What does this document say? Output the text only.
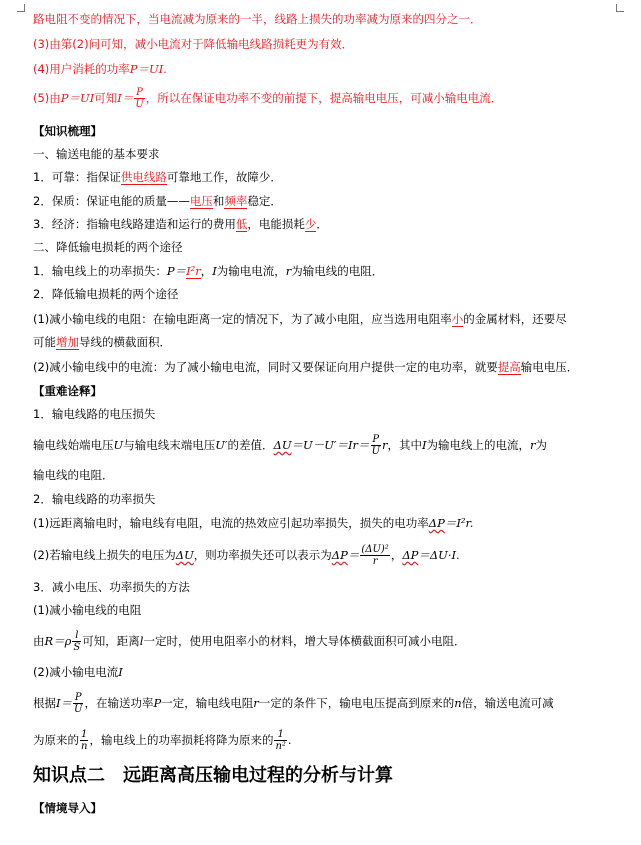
路电阻不变的情况下，当电流减为原来的一半，线路上损失的功率减为原来的四分之一．
(3)由第(2)问可知，减小电流对于降低输电线路损耗更为有效．
(4)用户消耗的功率P＝UI.
(5)由P＝UI可知$I= \frac{P}{U}$ ，所以在保证电功率不变的前提下，提高输电电压，可减小输电电流．
【知识梳理】
一、输送电能的基本要求
1．可靠：指保证供电线路可靠地工作，故障少．
2．保质：保证电能的质量——电压和频率稳定．
3．经济：指输电线路建造和运行的费用低，电能损耗少．
二、降低输电损耗的两个途径
1．输电线上的功率损失：P＝I²r，I为输电电流，r为输电线的电阻．
2．降低输电损耗的两个途径
(1)减小输电线的电阻：在输电距离一定的情况下，为了减小电阻，应当选用电阻率小的金属材料，还要尽
可能增加导线的横截面积．
(2)减小输电线中的电流：为了减小输电电流，同时又要保证向用户提供一定的电功率，就要提高输电电压．
【重难诠释】
1．输电线路的电压损失
输电线始端电压U与输电线末端电压U′的差值．$\Delta U=U-U'=Ir= \frac{P}{U}$ r，其中I为输电线上的电流，r为
输电线的电阻．
2．输电线路的功率损失
(1)远距离输电时，输电线有电阻，电流的热效应引起功率损失，损失的电功率ΔP＝I²r.
(2)若输电线上损失的电压为ΔU，则功率损失还可以表示为$\Delta P= \frac{\text{(ΔU)²}}{r}$ ，ΔP＝ΔU·I.
3．减小电压、功率损失的方法
(1)减小输电线的电阻
由$R=\rho \frac{l}{S}$ 可知，距离l一定时，使用电阻率小的材料，增大导体横截面积可减小电阻．
(2)减小输电电流I
根据$I= \frac{P}{U}$ ，在输送功率P一定，输电线电阻r一定的条件下，输电电压提高到原来的n倍，输送电流可减
为原来的 $\frac{1}{n}$ ，输电线上的功率损耗将降为原来的 $\frac{1}{\text{n²}}$ .
知识点二　远距离高压输电过程的分析与计算
【情境导入】
